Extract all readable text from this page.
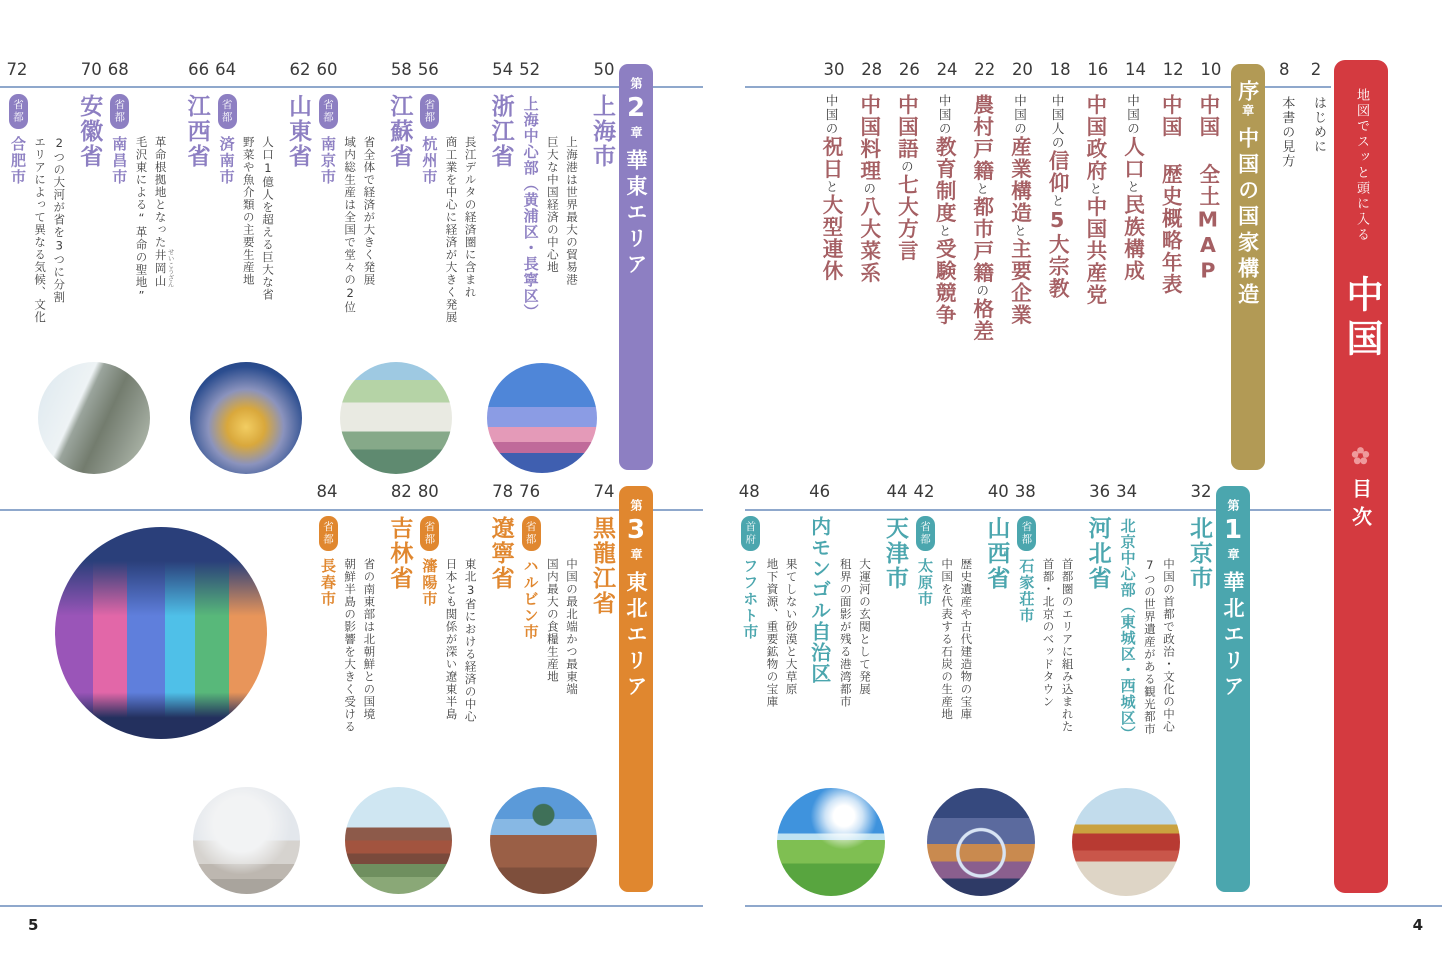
第2章華東エリア
50
上海市

上海港は世界最大の貿易港

巨大な中国経済の中心地

52
上海中心部（黄浦区・長寧区）
54
浙江省

長江デルタの経済圏に含まれ

商工業を中心に経済が大きく発展

56
省都杭州市
58
江蘇省

省全体で経済が大きく発展

域内総生産は全国で堂々の2位

60
省都南京市
62
山東省

人口1億人を超える巨大な省

野菜や魚介類の主要生産地

64
省都済南市
66
江西省

革命根拠地となった井岡山 せいこうざん

毛沢東による“革命の聖地”

68
省都南昌市
70
安徽省

2つの大河が省を3つに分割

エリアによって異なる気候、文化

72
省都合肥市
第3章東北エリア
74
黒龍江省

中国の最北端かつ最東端

国内最大の食糧生産地

76
省都ハルビン市
78
遼寧省

東北3省における経済の中心

日本とも関係が深い遼東半島

80
省都瀋陽市
82
吉林省

省の南東部は北朝鮮との国境

朝鮮半島の影響を大きく受ける

84
省都長春市
5
2
はじめに
8
本書の見方
序章中国の国家構造
10
中国 全土MAP
12
中国 歴史概略年表
14
中国の人口と民族構成
16
中国政府と中国共産党
18
中国人の信仰と5大宗教
20
中国の産業構造と主要企業
22
農村戸籍と都市戸籍の格差
24
中国の教育制度と受験競争
26
中国語の七大方言
28
中国料理の八大菜系
30
中国の祝日と大型連休
第1章華北エリア
32
北京市

中国の首都で政治・文化の中心

7つの世界遺産がある観光都市

34
北京中心部（東城区・西城区）
36
河北省

首都圏のエリアに組み込まれた

首都・北京のベッドタウン

38
省都石家荘市
40
山西省

歴史遺産や古代建造物の宝庫

中国を代表する石炭の生産地

42
省都太原市
44
天津市

大運河の玄関として発展

租界の面影が残る港湾都市

46
内モンゴル自治区

果てしない砂漠と大草原

地下資源、重要鉱物の宝庫

48
首府フフホト市
地図でスッと頭に入る 中国
目次
4
